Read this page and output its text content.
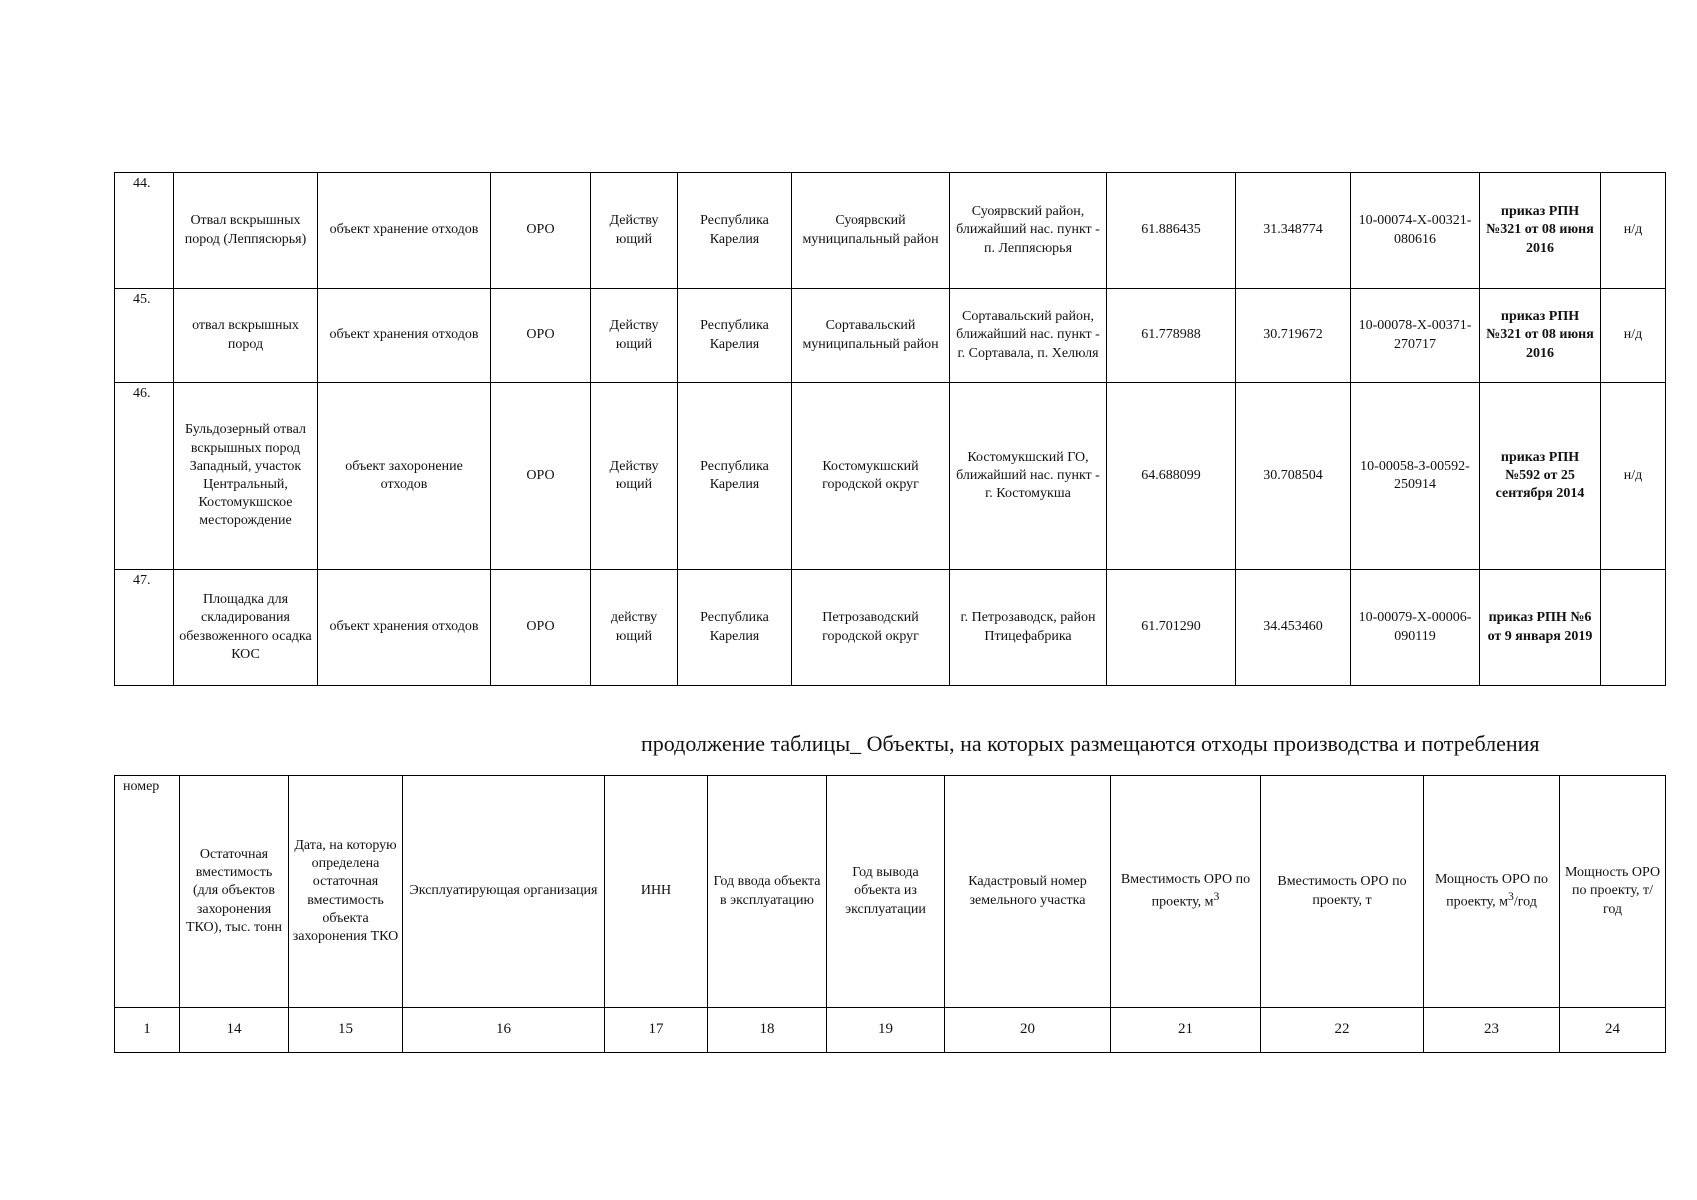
44.	Отвал вскрышных пород (Леппясюрья)	объект хранение отходов	ОРО	Действу ющий	Республика Карелия	Суоярвский муниципальный район	Суоярвский район, ближайший нас. пункт - п. Леппясюрья	61.886435	31.348774	10-00074-Х-00321-080616	приказ РПН №321 от 08 июня 2016	н/д
45.	отвал вскрышных пород	объект хранения отходов	ОРО	Действу ющий	Республика Карелия	Сортавальский муниципальный район	Сортавальский район, ближайший нас. пункт - г. Сортавала, п. Хелюля	61.778988	30.719672	10-00078-Х-00371-270717	приказ РПН №321 от 08 июня 2016	н/д
46.	Бульдозерный отвал вскрышных пород Западный, участок Центральный, Костомукшское месторождение	объект захоронение отходов	ОРО	Действу ющий	Республика Карелия	Костомукшский городской округ	Костомукшский ГО, ближайший нас. пункт - г. Костомукша	64.688099	30.708504	10-00058-З-00592-250914	приказ РПН №592 от 25 сентября 2014	н/д
47.	Площадка для складирования обезвоженного осадка КОС	объект хранения отходов	ОРО	действу ющий	Республика Карелия	Петрозаводский городской округ	г. Петрозаводск, район Птицефабрика	61.701290	34.453460	10-00079-Х-00006-090119	приказ РПН №6 от 9 января 2019	
продолжение таблицы_ Объекты, на которых размещаются отходы производства и потребления
номер	Остаточная вместимость (для объектов захоронения ТКО), тыс. тонн	Дата, на которую определена остаточная вместимость объекта захоронения ТКО	Эксплуатирующая организация	ИНН	Год ввода объекта в эксплуатацию	Год вывода объекта из эксплуатации	Кадастровый номер земельного участка	Вместимость ОРО по проекту, $м^3$	Вместимость ОРО по проекту, т	Мощность ОРО по проекту, $м^3$/год	Мощность ОРО по проекту, т/год
1	14	15	16	17	18	19	20	21	22	23	24
